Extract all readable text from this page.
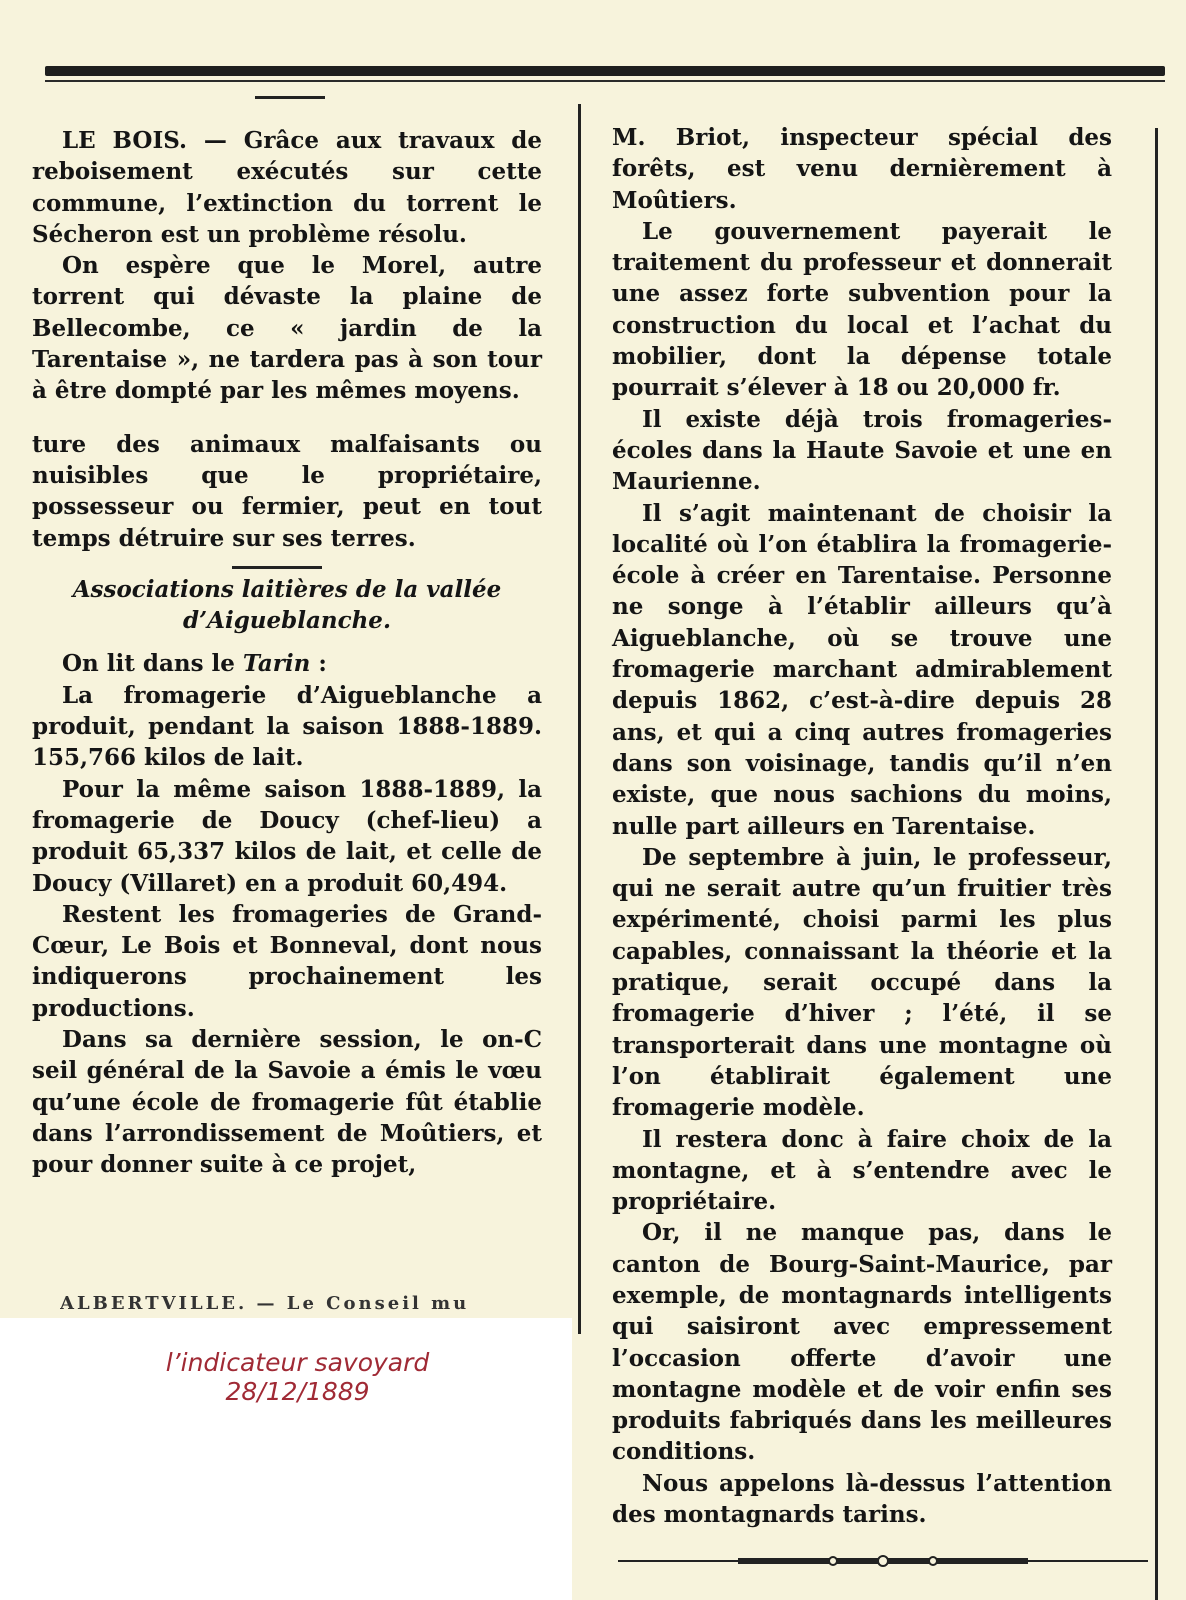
LE BOIS. — Grâce aux travaux de reboisement exécutés sur cette commune, l’extinction du torrent le Sécheron est un problème résolu.

On espère que le Morel, autre torrent qui dévaste la plaine de Bellecombe, ce « jardin de la Tarentaise », ne tardera pas à son tour à être dompté par les mêmes moyens.

ture des animaux malfaisants ou nuisibles que le propriétaire, possesseur ou fermier, peut en tout temps détruire sur ses terres.

Associations laitières de la vallée
d’Aigueblanche.

On lit dans le Tarin :

La fromagerie d’Aigueblanche a produit, pendant la saison 1888-1889. 155,766 kilos de lait.

Pour la même saison 1888-1889, la fromagerie de Doucy (chef-lieu) a produit 65,337 kilos de lait, et celle de Doucy (Villaret) en a produit 60,494.

Restent les fromageries de Grand-Cœur, Le Bois et Bonneval, dont nous indiquerons prochainement les productions.

Dans sa dernière session, le on-C seil général de la Savoie a émis le vœu qu’une école de fromagerie fût établie dans l’arrondissement de Moûtiers, et pour donner suite à ce projet,

ALBERTVILLE. — Le Conseil mu

M. Briot, inspecteur spécial des forêts, est venu dernièrement à Moûtiers.

Le gouvernement payerait le traitement du professeur et donnerait une assez forte subvention pour la construction du local et l’achat du mobilier, dont la dépense totale pourrait s’élever à 18 ou 20,000 fr.

Il existe déjà trois fromageries-écoles dans la Haute Savoie et une en Maurienne.

Il s’agit maintenant de choisir la localité où l’on établira la fromagerie-école à créer en Tarentaise. Personne ne songe à l’établir ailleurs qu’à Aigueblanche, où se trouve une fromagerie marchant admirablement depuis 1862, c’est-à-dire depuis 28 ans, et qui a cinq autres fromageries dans son voisinage, tandis qu’il n’en existe, que nous sachions du moins, nulle part ailleurs en Tarentaise.

De septembre à juin, le professeur, qui ne serait autre qu’un fruitier très expérimenté, choisi parmi les plus capables, connaissant la théorie et la pratique, serait occupé dans la fromagerie d’hiver ; l’été, il se transporterait dans une montagne où l’on établirait également une fromagerie modèle.

Il restera donc à faire choix de la montagne, et à s’entendre avec le propriétaire.

Or, il ne manque pas, dans le canton de Bourg-Saint-Maurice, par exemple, de montagnards intelligents qui saisiront avec empressement l’occasion offerte d’avoir une montagne modèle et de voir enfin ses produits fabriqués dans les meilleures conditions.

Nous appelons là-dessus l’attention des montagnards tarins.

l’indicateur savoyard
28/12/1889
